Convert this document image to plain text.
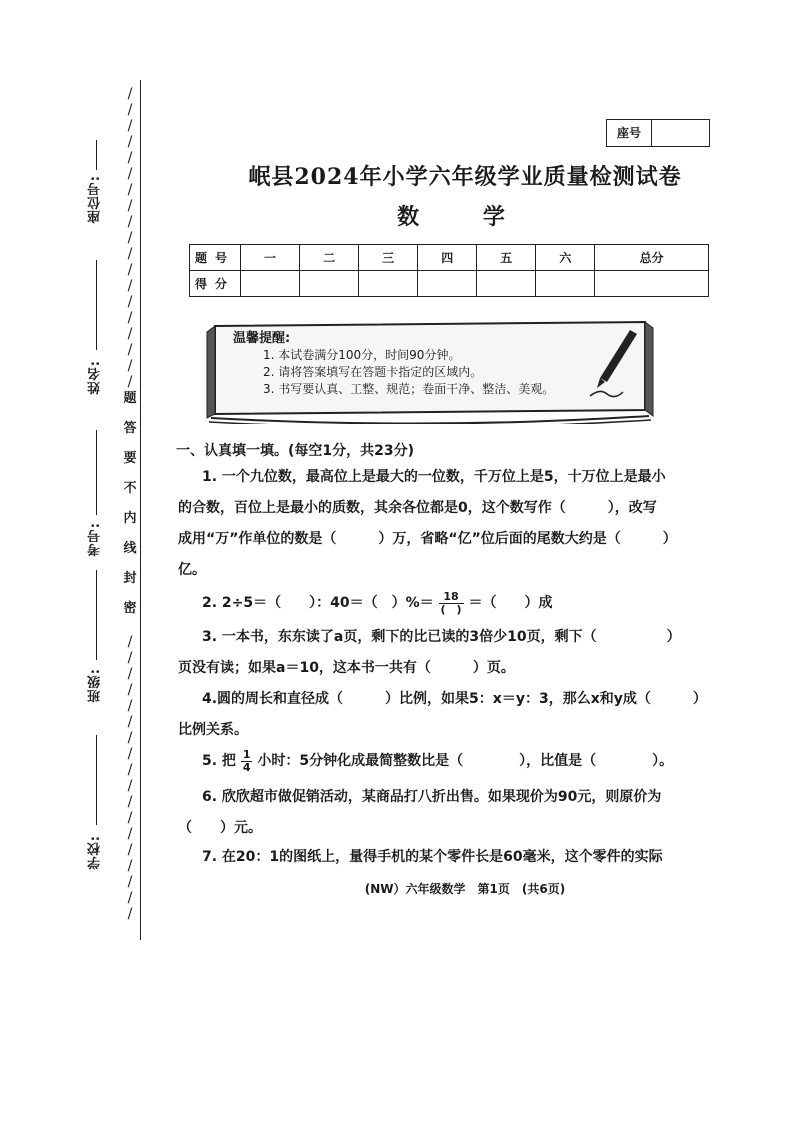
/
/
/
/
/
/
/
/
/
/
/
/
/
/
/
/
/
/
/
题
答
要
不
内
线
封
密
/
/
/
/
/
/
/
/
/
/
/
/
/
/
/
/
/
/
座位号:
姓名:
考号:
班级:
学校:
座号
岷县2024年小学六年级学业质量检测试卷
数 学
题号	一	二	三	四	五	六	总分
得分							
温馨提醒:
1. 本试卷满分100分，时间90分钟。
2. 请将答案填写在答题卡指定的区域内。
3. 书写要认真、工整、规范；卷面干净、整洁、美观。
一、认真填一填。(每空1分，共23分)
1. 一个九位数，最高位上是最大的一位数，千万位上是5，十万位上是最小
的合数，百位上是最小的质数，其余各位都是0，这个数写作（　　　），改写
成用“万”作单位的数是（　　　）万，省略“亿”位后面的尾数大约是（　　　）
亿。
2. 2÷5＝（　　）：40＝（　）%＝ $\frac{18}{( )}$ ＝（　　）成
3. 一本书，东东读了a页，剩下的比已读的3倍少10页，剩下（　　　　　）
页没有读；如果a＝10，这本书一共有（　　　）页。
4.圆的周长和直径成（　　　）比例，如果5：x＝y：3，那么x和y成（　　　）
比例关系。
5. 把 $\frac{1}{4}$ 小时：5分钟化成最简整数比是（　　　　），比值是（　　　　）。
6. 欣欣超市做促销活动，某商品打八折出售。如果现价为90元，则原价为
（　　）元。
7. 在20：1的图纸上，量得手机的某个零件长是60毫米，这个零件的实际
(NW）六年级数学　第1页　(共6页)
